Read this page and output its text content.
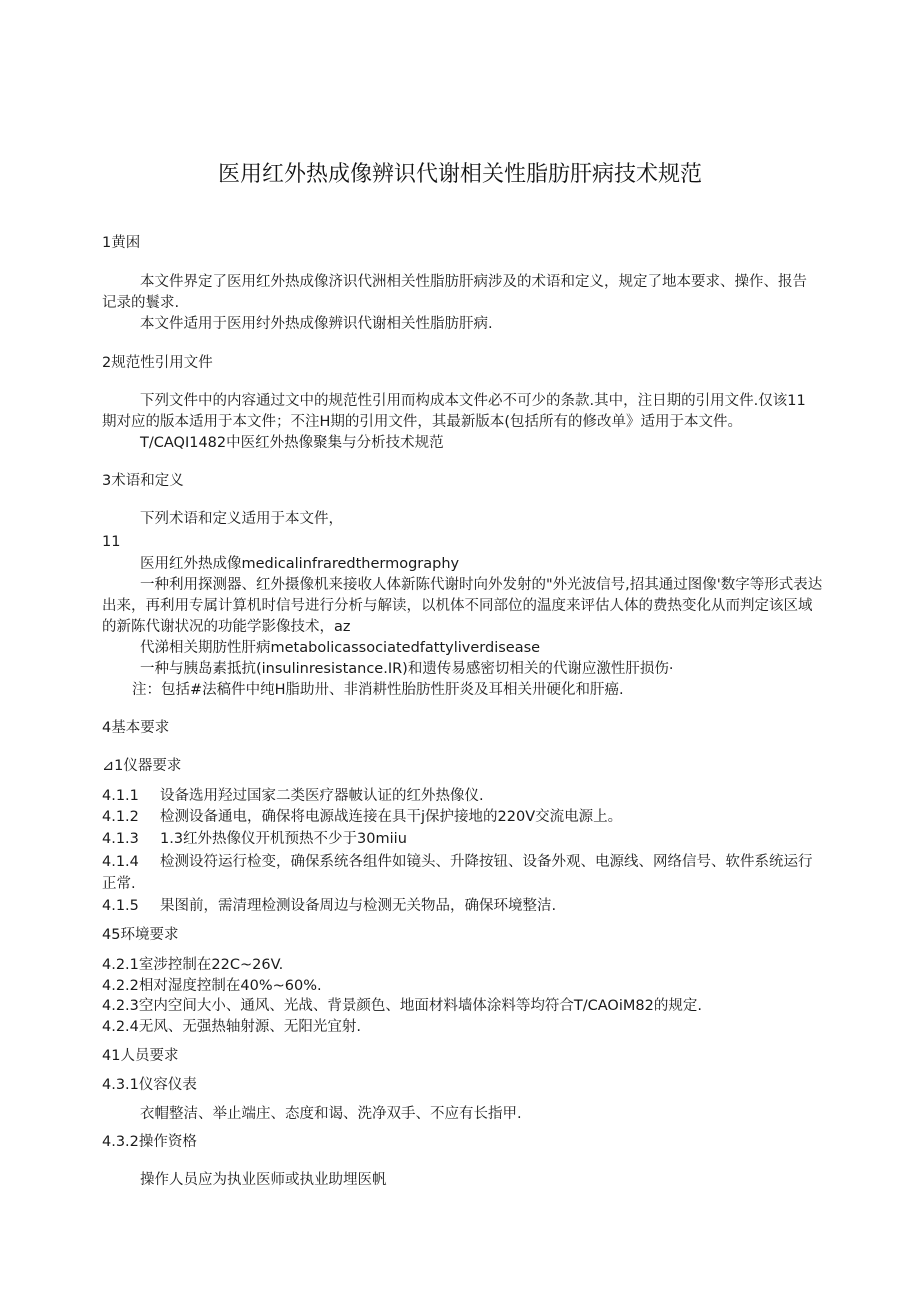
医用红外热成像辨识代谢相关性脂肪肝病技术规范
1黄困
本文件界定了医用红外热成像济识代洲相关性脂肪肝病涉及的术语和定义，规定了地本要求、操作、报告
记录的鬟求.
本文件适用于医用纣外热成像辨识代谢相关性脂肪肝病.
2规范性引用文件
下列文件中的内容通过文中的规范性引用而构成本文件必不可少的条款.其中，注日期的引用文件.仅该11
期对应的版本适用于本文件；不注H期的引用文件，其最新版本(包括所有的修改单》适用于本文件。
T/CAQI1482中医红外热像聚集与分析技术规范
3术语和定义
下列术语和定义适用于本文件，
11
医用红外热成像medicalinfraredthermography
一种利用探测器、红外摄像机来接收人体新陈代谢时向外发射的"外光波信号,招其通过图像'数字等形式表达
出来，再利用专属计算机时信号进行分析与解读，以机体不同部位的温度来评估人体的费热变化从而判定该区域
的新陈代谢状况的功能学影像技术，az
代涕相关期肪性肝病metabolicassociatedfattyliverdisease
一种与胰岛素抵抗(insulinresistance.IR)和遗传易感密切相关的代谢应激性肝损伤·
注：包括#法稿件中纯H脂助卅、非消耕性胎肪性肝炎及耳相关卅硬化和肝癌.
4基本要求
⊿1仪器要求
4.1.1 设备选用羟过国家二类医疗器帔认证的红外热像仪.
4.1.2 检测设备通电，确保将电源战连接在具干j保护接地的220V交流电源上。
4.1.3 1.3红外热像仪开机预热不少于30miiu
4.1.4 检测设符运行检变，确保系统各组件如镜头、升降按钮、设备外观、电源线、网络信号、软件系统运行
正常.
4.1.5 果图前，需清理检测设备周边与检测无关物品，确保环境整洁.
45环境要求
4.2.1室涉控制在22C~26V.
4.2.2相对湿度控制在40%~60%.
4.2.3空内空间大小、通风、光战、背景颜色、地面材料墙体涂料等均符合T/CAOiM82的规定.
4.2.4无风、无强热轴射源、无阳光宜射.
41人员要求
4.3.1仪容仪表
衣帽整洁、举止端庄、态度和谒、洗净双手、不应有长指甲.
4.3.2操作资格
操作人员应为执业医师或执业助埋医帆
